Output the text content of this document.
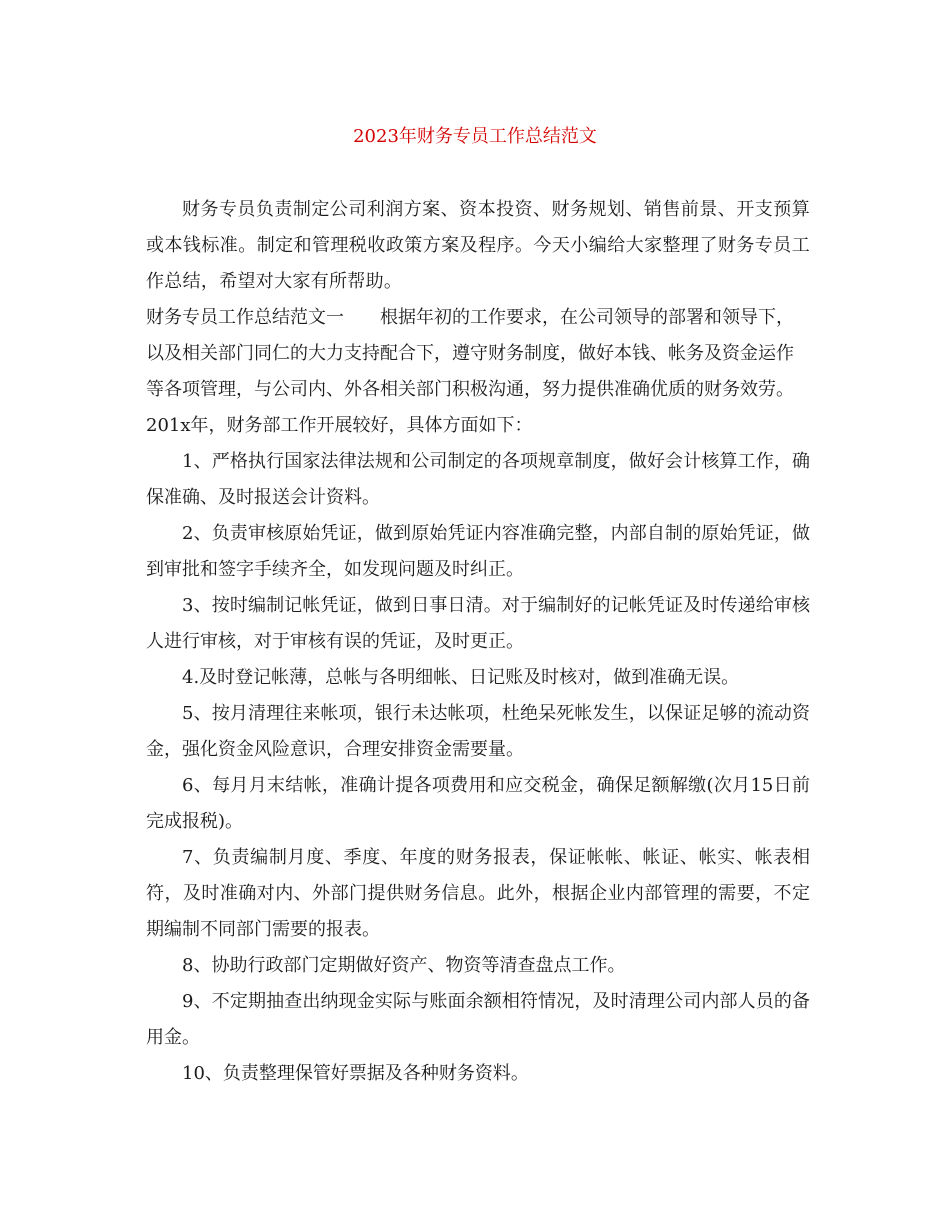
2023年财务专员工作总结范文

财务专员负责制定公司利润方案、资本投资、财务规划、销售前景、开支预算或本钱标准。制定和管理税收政策方案及程序。今天小编给大家整理了财务专员工作总结，希望对大家有所帮助。

财务专员工作总结范文一　　根据年初的工作要求，在公司领导的部署和领导下，以及相关部门同仁的大力支持配合下，遵守财务制度，做好本钱、帐务及资金运作等各项管理，与公司内、外各相关部门积极沟通，努力提供准确优质的财务效劳。201x年，财务部工作开展较好，具体方面如下：

1、严格执行国家法律法规和公司制定的各项规章制度，做好会计核算工作，确保准确、及时报送会计资料。

2、负责审核原始凭证，做到原始凭证内容准确完整，内部自制的原始凭证，做到审批和签字手续齐全，如发现问题及时纠正。

3、按时编制记帐凭证，做到日事日清。对于编制好的记帐凭证及时传递给审核人进行审核，对于审核有误的凭证，及时更正。

4.及时登记帐薄，总帐与各明细帐、日记账及时核对，做到准确无误。

5、按月清理往来帐项，银行未达帐项，杜绝呆死帐发生，以保证足够的流动资金，强化资金风险意识，合理安排资金需要量。

6、每月月末结帐，准确计提各项费用和应交税金，确保足额解缴(次月15日前完成报税)。

7、负责编制月度、季度、年度的财务报表，保证帐帐、帐证、帐实、帐表相符，及时准确对内、外部门提供财务信息。此外，根据企业内部管理的需要，不定期编制不同部门需要的报表。

8、协助行政部门定期做好资产、物资等清查盘点工作。

9、不定期抽查出纳现金实际与账面余额相符情况，及时清理公司内部人员的备用金。

10、负责整理保管好票据及各种财务资料。
